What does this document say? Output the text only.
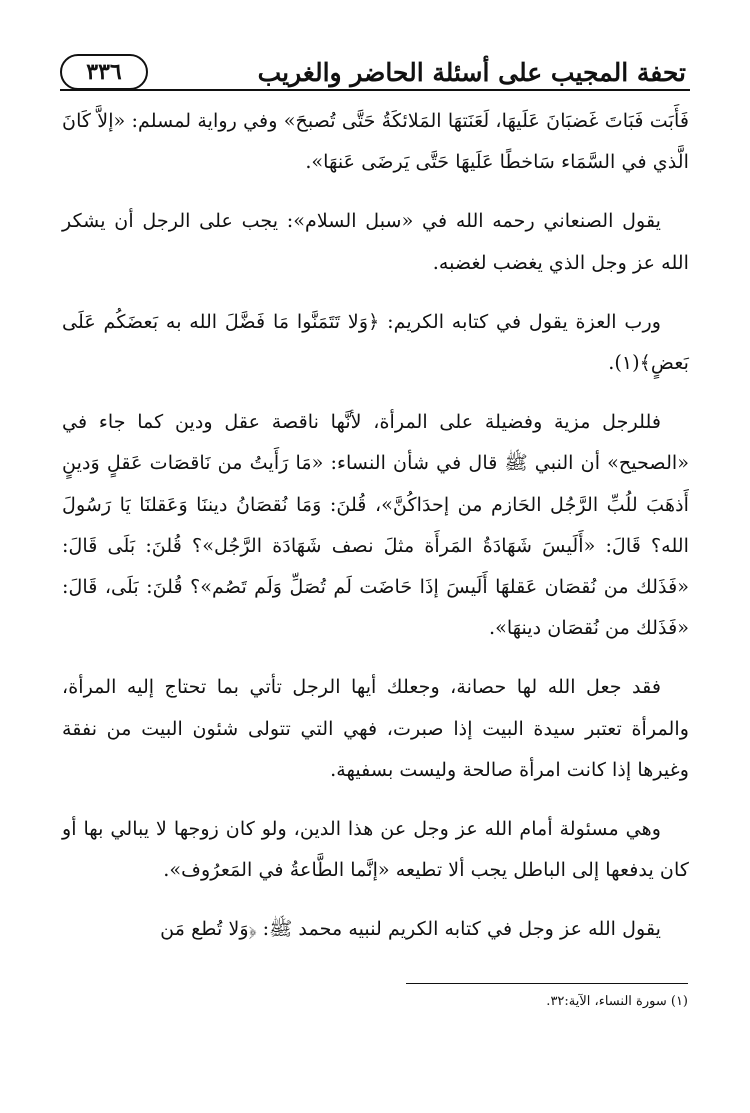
٣٣٦	تحفة المجيب على أسئلة الحاضر والغريب

فَأَبَت فَبَاتَ غَضبَانَ عَلَيهَا، لَعَنَتهَا المَلائكَةُ حَتَّى تُصبحَ» وفي رواية لمسلم: «إلاَّ كَانَ الَّذي في السَّمَاء سَاخطًا عَلَيهَا حَتَّى يَرضَى عَنهَا».

يقول الصنعاني رحمه الله في «سبل السلام»: يجب على الرجل أن يشكر الله عز وجل الذي يغضب لغضبه.

ورب العزة يقول في كتابه الكريم: ﴿وَلا تَتَمَنَّوا مَا فَضَّلَ الله به بَعضَكُم عَلَى بَعضٍ﴾(١).

فللرجل مزية وفضيلة على المرأة، لأنَّها ناقصة عقل ودين كما جاء في «الصحيح» أن النبي ﷺ قال في شأن النساء: «مَا رَأَيتُ من نَاقصَات عَقلٍ وَدينٍ أَذهَبَ للُبِّ الرَّجُل الحَازم من إحدَاكُنَّ»، قُلنَ: وَمَا نُقصَانُ ديننَا وَعَقلنَا يَا رَسُولَ الله؟ قَالَ: «أَلَيسَ شَهَادَةُ المَرأَة مثلَ نصف شَهَادَة الرَّجُل»؟ قُلنَ: بَلَى قَالَ: «فَذَلك من نُقصَان عَقلهَا أَلَيسَ إذَا حَاضَت لَم تُصَلِّ وَلَم تَصُم»؟ قُلنَ: بَلَى، قَالَ: «فَذَلك من نُقصَان دينهَا».

فقد جعل الله لها حصانة، وجعلك أيها الرجل تأتي بما تحتاج إليه المرأة، والمرأة تعتبر سيدة البيت إذا صبرت، فهي التي تتولى شئون البيت من نفقة وغيرها إذا كانت امرأة صالحة وليست بسفيهة.

وهي مسئولة أمام الله عز وجل عن هذا الدين، ولو كان زوجها لا يبالي بها أو كان يدفعها إلى الباطل يجب ألا تطيعه «إنَّما الطَّاعةُ في المَعرُوف».

يقول الله عز وجل في كتابه الكريم لنبيه محمد ﷺ: ﴿وَلا تُطع مَن

(١) سورة النساء، الآية:٣٢.
